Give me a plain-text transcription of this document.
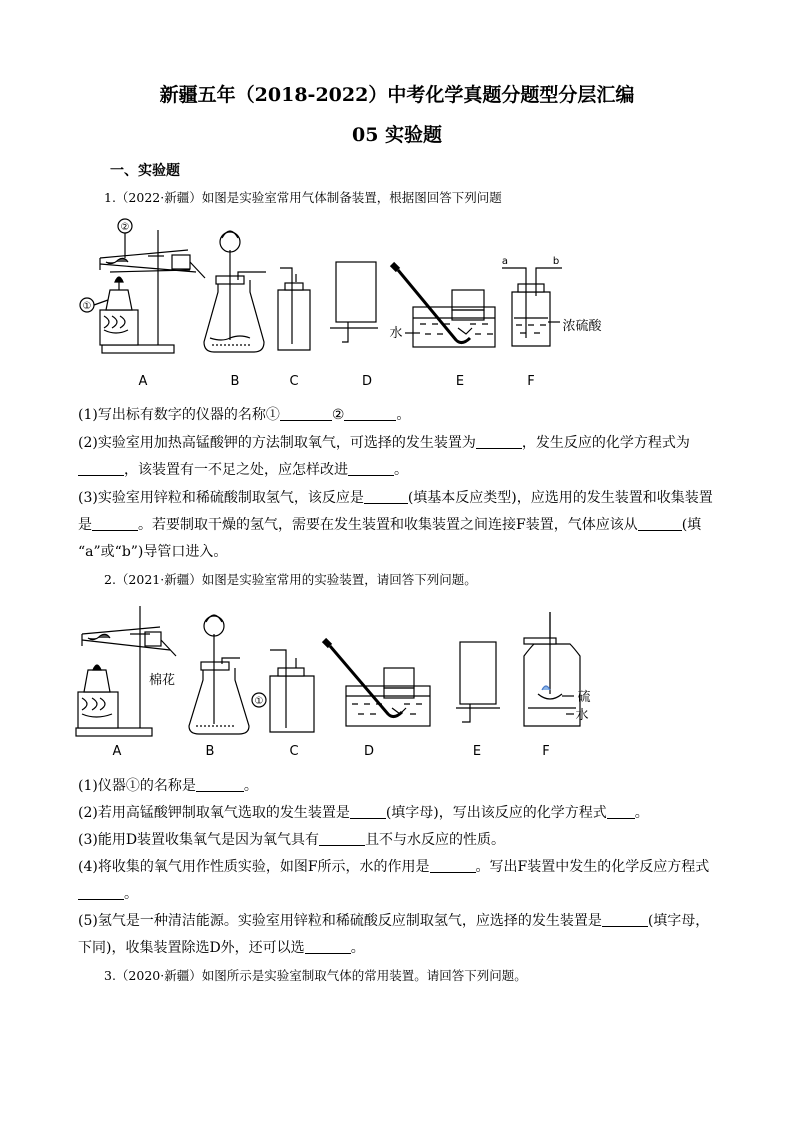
新疆五年（2018-2022）中考化学真题分题型分层汇编
05 实验题
一、实验题
1.（2022·新疆）如图是实验室常用气体制备装置，根据图回答下列问题
①
②
水
a	b
浓硫酸
A	B	C	D	E	F
(1)写出标有数字的仪器的名称①	②	。
(2)实验室用加热高锰酸钾的方法制取氧气，可选择的发生装置为	，发生反应的化学方程式为
，该装置有一不足之处，应怎样改进	。
(3)实验室用锌粒和稀硫酸制取氢气，该反应是	(填基本反应类型)，应选用的发生装置和收集装置
是	。若要制取干燥的氢气，需要在发生装置和收集装置之间连接F装置，气体应该从	(填
“a”或“b”)导管口进入。
2.（2021·新疆）如图是实验室常用的实验装置，请回答下列问题。
棉花
①	硫
水
A	B	C	D	E	F
(1)仪器①的名称是	。
(2)若用高锰酸钾制取氧气选取的发生装置是	(填字母)，写出该反应的化学方程式 。
(3)能用D装置收集氧气是因为氧气具有	且不与水反应的性质。
(4)将收集的氧气用作性质实验，如图F所示，水的作用是	。写出F装置中发生的化学反应方程式
。
(5)氢气是一种清洁能源。实验室用锌粒和稀硫酸反应制取氢气，应选择的发生装置是	(填字母，
下同)，收集装置除选D外，还可以选	。
3.（2020·新疆）如图所示是实验室制取气体的常用装置。请回答下列问题。
